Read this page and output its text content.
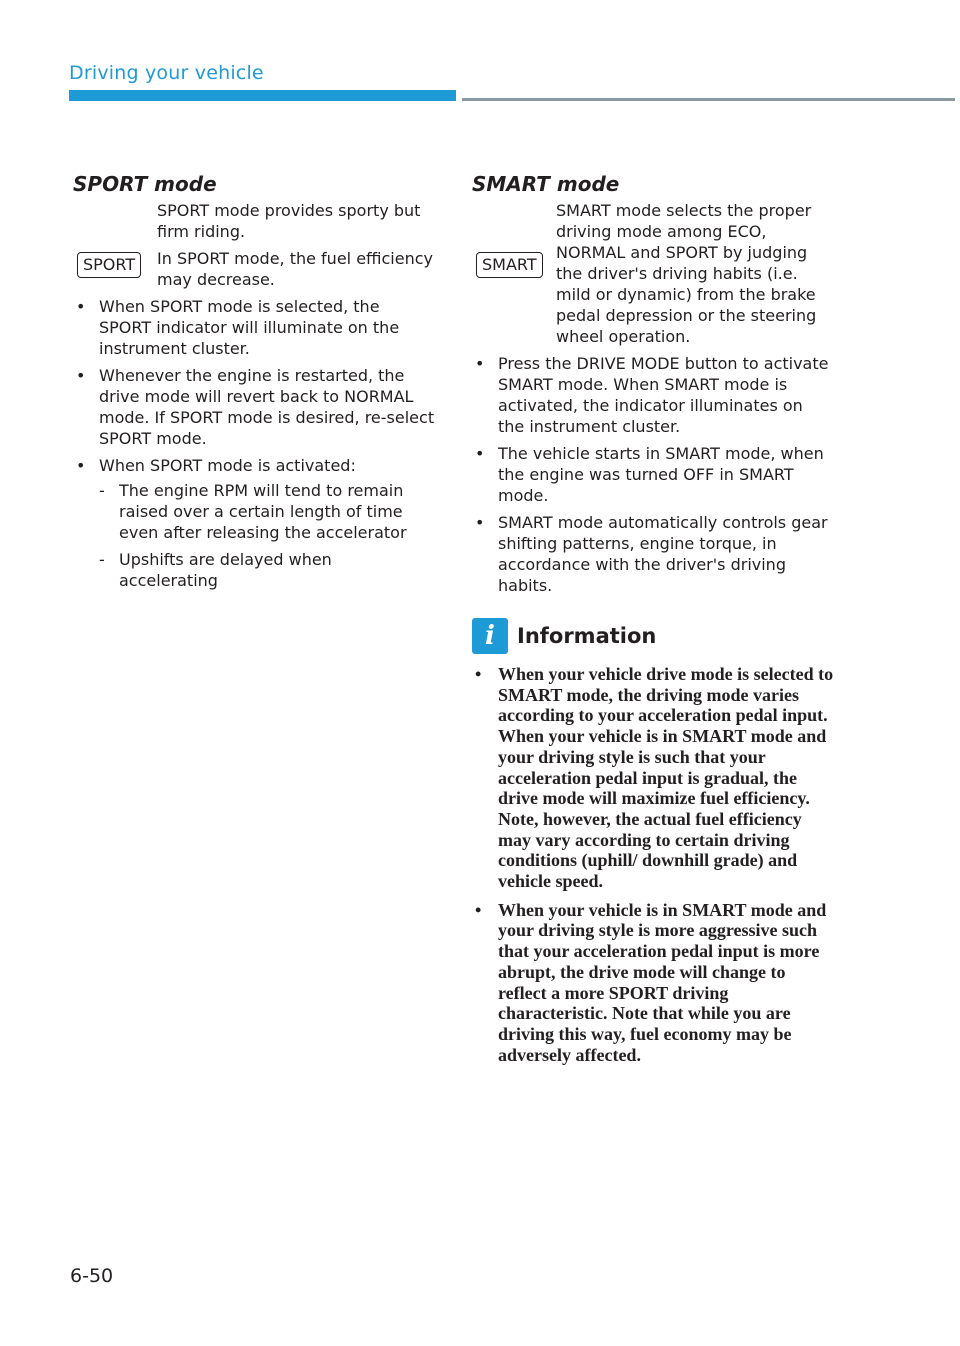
Driving your vehicle
SPORT mode
SPORT

SPORT mode provides sporty but firm riding.

In SPORT mode, the fuel efficiency may decrease.

• When SPORT mode is selected, the SPORT indicator will illuminate on the instrument cluster.
• Whenever the engine is restarted, the drive mode will revert back to NORMAL mode. If SPORT mode is desired, re-select SPORT mode.
• When SPORT mode is activated:
- The engine RPM will tend to remain raised over a certain length of time even after releasing the accelerator
- Upshifts are delayed when accelerating
SMART mode
SMART

SMART mode selects the proper driving mode among ECO, NORMAL and SPORT by judging the driver's driving habits (i.e. mild or dynamic) from the brake pedal depression or the steering wheel operation.

• Press the DRIVE MODE button to activate SMART mode. When SMART mode is activated, the indicator illuminates on the instrument cluster.
• The vehicle starts in SMART mode, when the engine was turned OFF in SMART mode.
• SMART mode automatically controls gear shifting patterns, engine torque, in accordance with the driver's driving habits.
i	Information
• When your vehicle drive mode is selected to SMART mode, the driving mode varies according to your acceleration pedal input. When your vehicle is in SMART mode and your driving style is such that your acceleration pedal input is gradual, the drive mode will maximize fuel efficiency. Note, however, the actual fuel efficiency may vary according to certain driving conditions (uphill/ downhill grade) and vehicle speed.
• When your vehicle is in SMART mode and your driving style is more aggressive such that your acceleration pedal input is more abrupt, the drive mode will change to reflect a more SPORT driving characteristic. Note that while you are driving this way, fuel economy may be adversely affected.
6-50
